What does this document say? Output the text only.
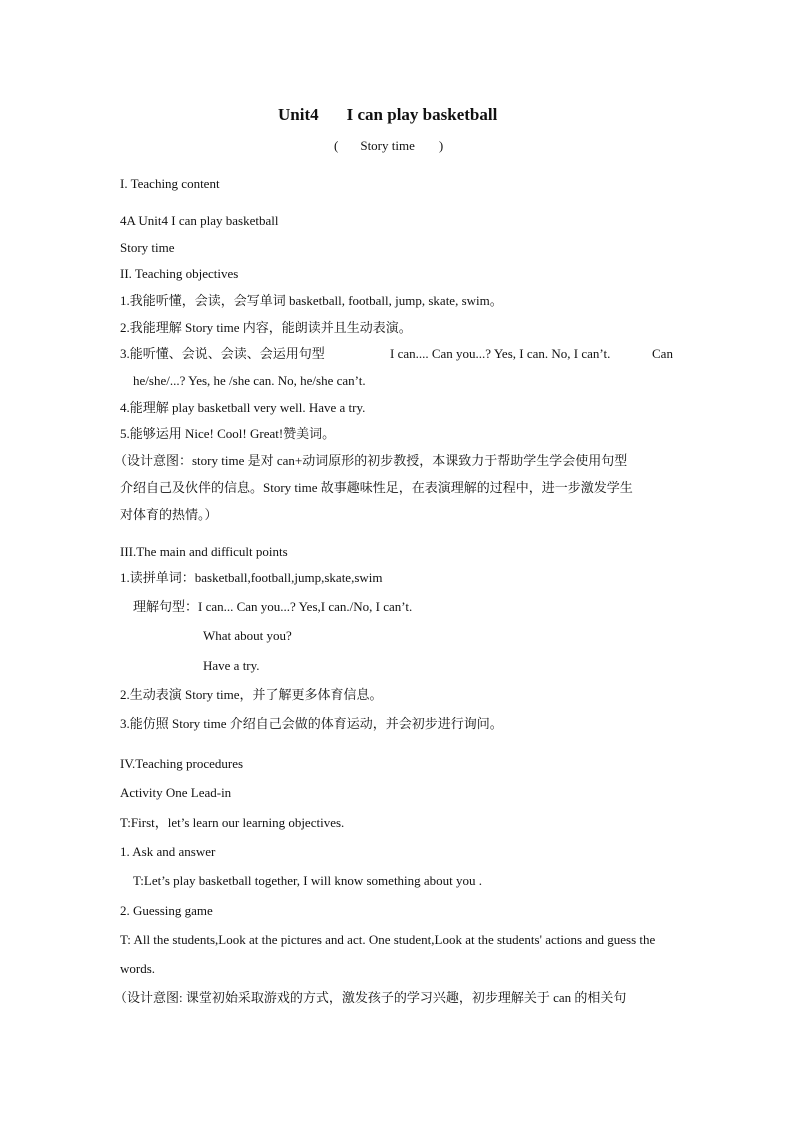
Unit4 I can play basketball
( Story time )
I. Teaching content
4A Unit4 I can play basketball
Story time
II. Teaching objectives
1.我能听懂，会读，会写单词 basketball, football, jump, skate, swim。
2.我能理解 Story time 内容，能朗读并且生动表演。
3.能听懂、会说、会读、会运用句型	I can.... Can you...? Yes, I can. No, I can’t.	Can
he/she/...? Yes, he /she can. No, he/she can’t.
4.能理解 play basketball very well. Have a try.
5.能够运用 Nice! Cool! Great!赞美词。
（设计意图：story time 是对 can+动词原形的初步教授，本课致力于帮助学生学会使用句型
介绍自己及伙伴的信息。Story time 故事趣味性足，在表演理解的过程中，进一步激发学生
对体育的热情。）
III.The main and difficult points
1.读拼单词：basketball,football,jump,skate,swim
理解句型：I can... Can you...? Yes,I can./No, I can’t.
What about you?
Have a try.
2.生动表演 Story time，并了解更多体育信息。
3.能仿照 Story time 介绍自己会做的体育运动，并会初步进行询问。
IV.Teaching procedures
Activity One Lead-in
T:First，let’s learn our learning objectives.
1. Ask and answer
T:Let’s play basketball together, I will know something about you .
2. Guessing game
T: All the students,Look at the pictures and act. One student,Look at the students' actions and guess the
words.
（设计意图: 课堂初始采取游戏的方式，激发孩子的学习兴趣，初步理解关于 can 的相关句
